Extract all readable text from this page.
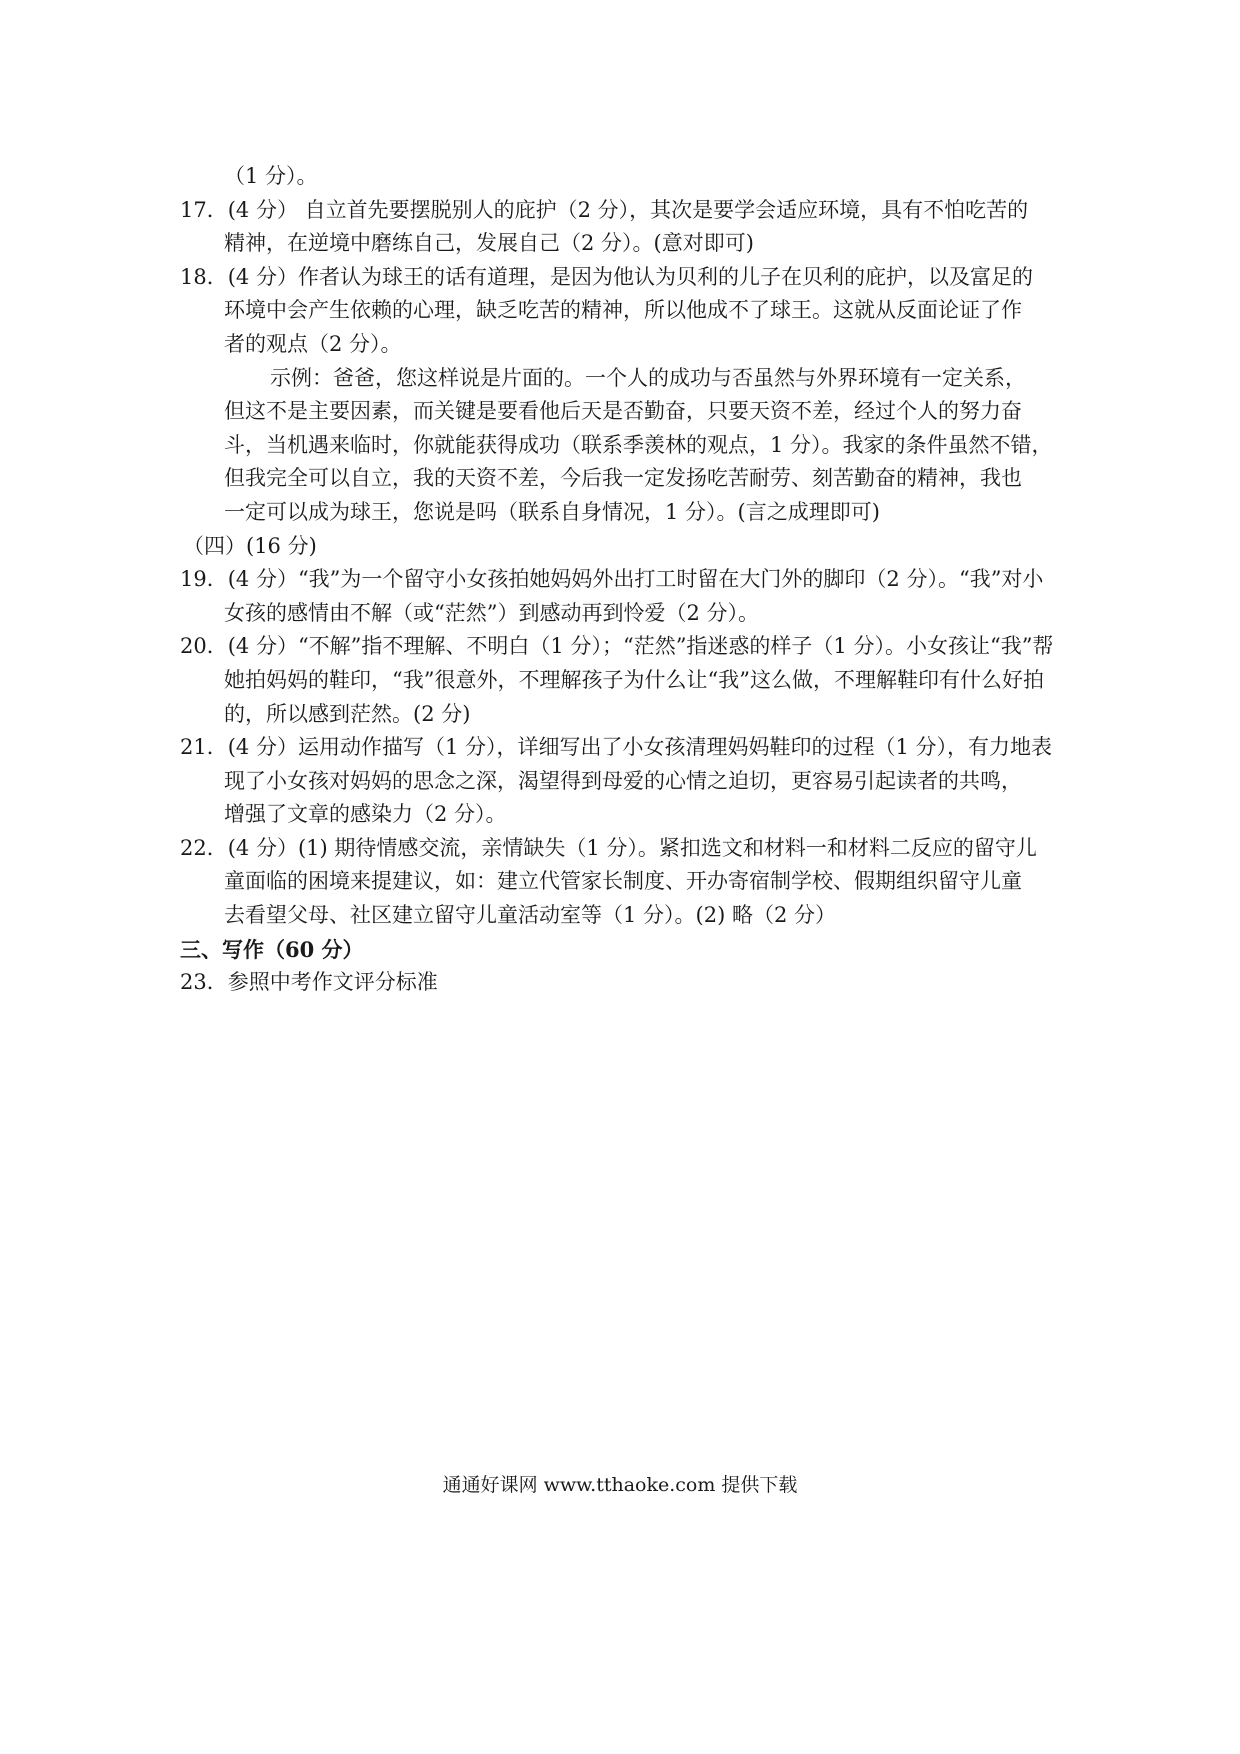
（1 分）。
17．(4 分） 自立首先要摆脱别人的庇护（2 分），其次是要学会适应环境，具有不怕吃苦的
精神，在逆境中磨练自己，发展自己（2 分）。(意对即可)
18．(4 分）作者认为球王的话有道理，是因为他认为贝利的儿子在贝利的庇护，以及富足的
环境中会产生依赖的心理，缺乏吃苦的精神，所以他成不了球王。这就从反面论证了作
者的观点（2 分）。
示例：爸爸，您这样说是片面的。一个人的成功与否虽然与外界环境有一定关系，
但这不是主要因素，而关键是要看他后天是否勤奋，只要天资不差，经过个人的努力奋
斗，当机遇来临时，你就能获得成功（联系季羡林的观点，1 分）。我家的条件虽然不错，
但我完全可以自立，我的天资不差，今后我一定发扬吃苦耐劳、刻苦勤奋的精神，我也
一定可以成为球王，您说是吗（联系自身情况，1 分）。(言之成理即可)
（四）(16 分)
19．(4 分）“我”为一个留守小女孩拍她妈妈外出打工时留在大门外的脚印（2 分）。“我”对小
女孩的感情由不解（或“茫然”）到感动再到怜爱（2 分）。
20．(4 分）“不解”指不理解、不明白（1 分）；“茫然”指迷惑的样子（1 分）。小女孩让“我”帮
她拍妈妈的鞋印，“我”很意外，不理解孩子为什么让“我”这么做，不理解鞋印有什么好拍
的，所以感到茫然。(2 分)
21．(4 分）运用动作描写（1 分），详细写出了小女孩清理妈妈鞋印的过程（1 分），有力地表
现了小女孩对妈妈的思念之深，渴望得到母爱的心情之迫切，更容易引起读者的共鸣，
增强了文章的感染力（2 分）。
22．(4 分）(1) 期待情感交流，亲情缺失（1 分）。紧扣选文和材料一和材料二反应的留守儿
童面临的困境来提建议，如：建立代管家长制度、开办寄宿制学校、假期组织留守儿童
去看望父母、社区建立留守儿童活动室等（1 分）。(2) 略（2 分）
三、写作（60 分）
23．参照中考作文评分标准
通通好课网 www.tthaoke.com 提供下载
